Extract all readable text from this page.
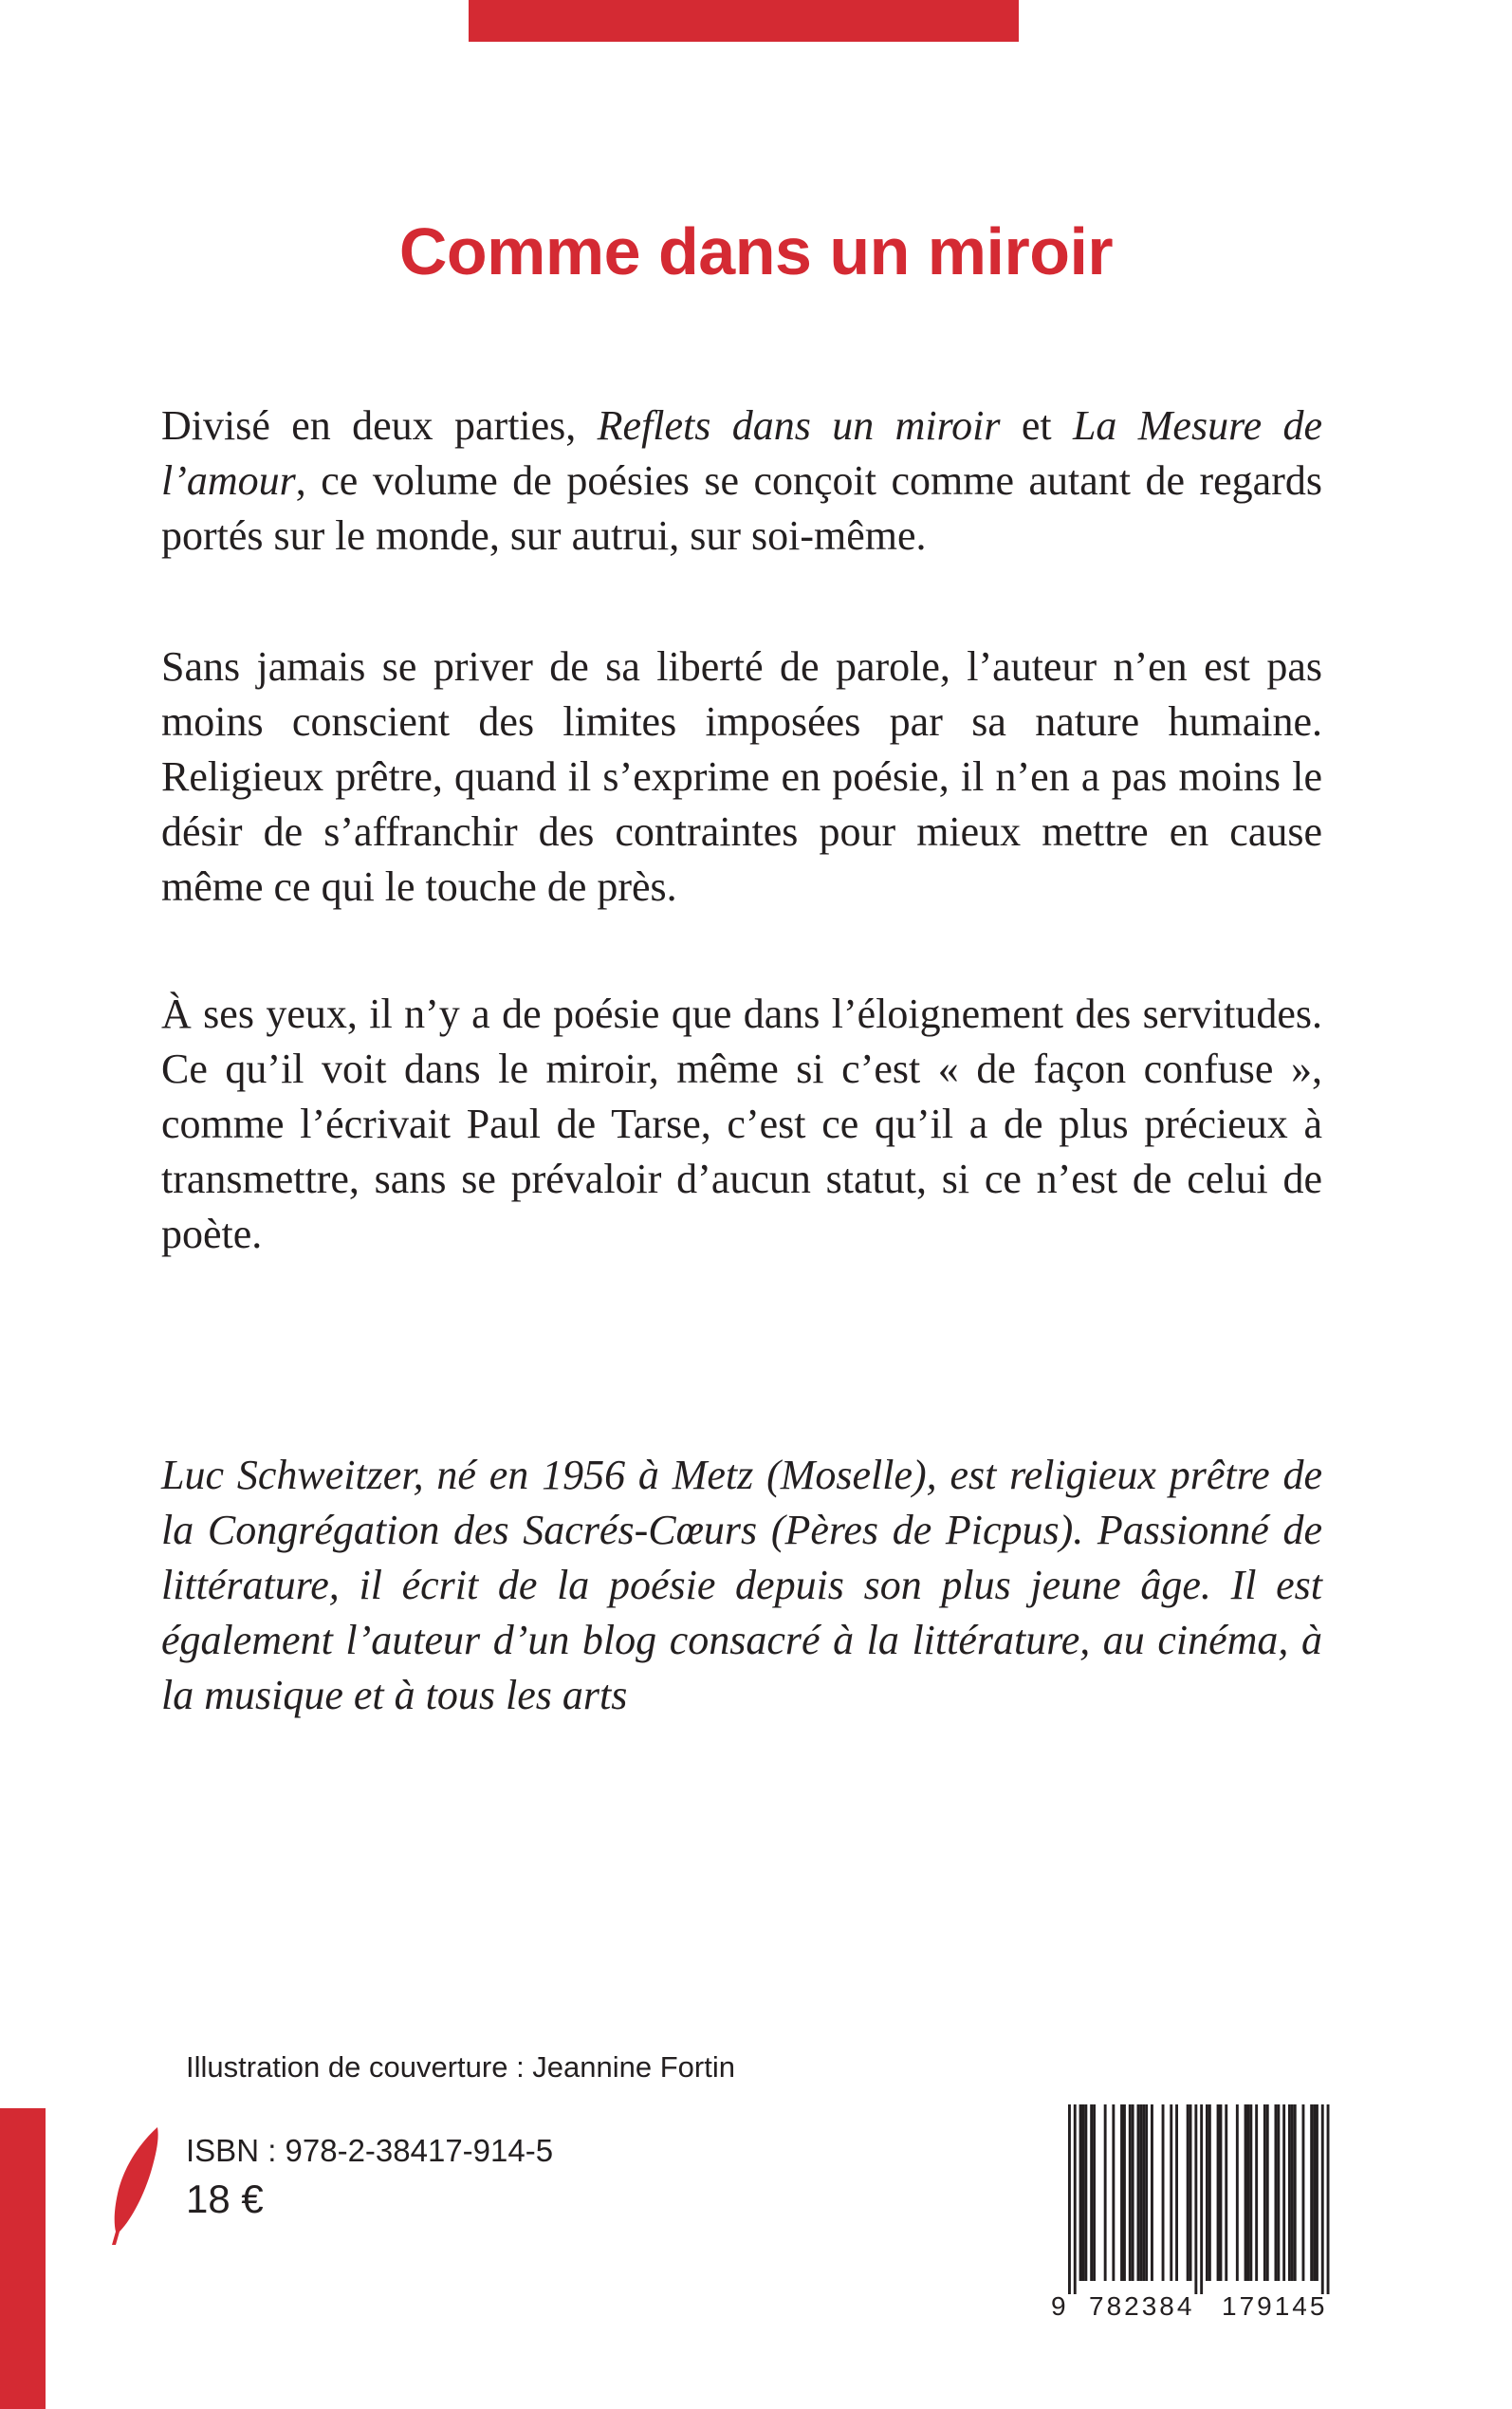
Comme dans un miroir

Divisé en deux parties, Reflets dans un miroir et La Mesure de l’amour, ce volume de poésies se conçoit comme autant de regards portés sur le monde, sur autrui, sur soi-même.

Sans jamais se priver de sa liberté de parole, l’auteur n’en est pas moins conscient des limites imposées par sa nature humaine. Religieux prêtre, quand il s’exprime en poésie, il n’en a pas moins le désir de s’affranchir des contraintes pour mieux mettre en cause même ce qui le touche de près.

À ses yeux, il n’y a de poésie que dans l’éloignement des servitudes. Ce qu’il voit dans le miroir, même si c’est « de façon confuse », comme l’écrivait Paul de Tarse, c’est ce qu’il a de plus précieux à transmettre, sans se prévaloir d’aucun statut, si ce n’est de celui de poète.

Luc Schweitzer, né en 1956 à Metz (Moselle), est religieux prêtre de la Congrégation des Sacrés-Cœurs (Pères de Picpus). Passionné de littérature, il écrit de la poésie depuis son plus jeune âge. Il est également l’auteur d’un blog consacré à la littérature, au cinéma, à la musique et à tous les arts

Illustration de couverture : Jeannine Fortin

ISBN : 978-2-38417-914-5

18 €

9 782384 179145
